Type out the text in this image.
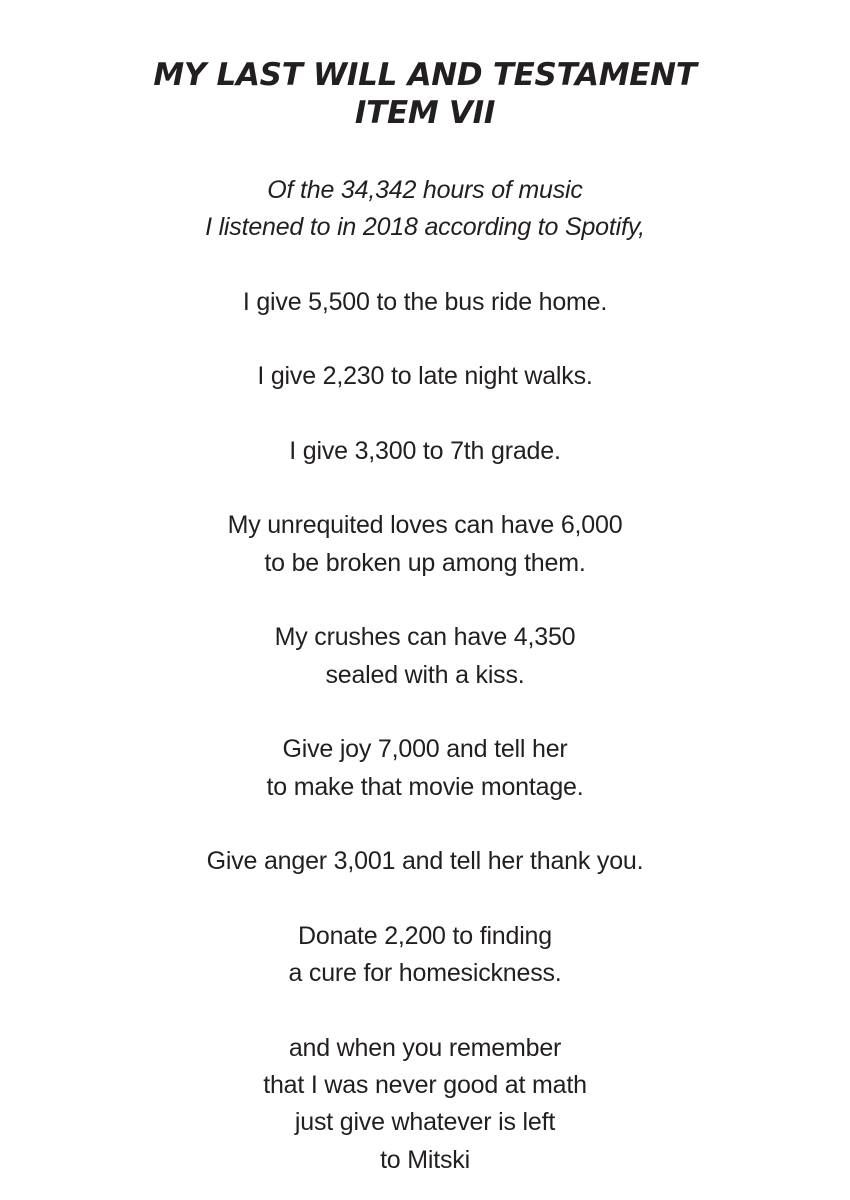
MY LAST WILL AND TESTAMENT
ITEM VII
Of the 34,342 hours of music
I listened to in 2018 according to Spotify,
I give 5,500 to the bus ride home.
I give 2,230 to late night walks.
I give 3,300 to 7th grade.
My unrequited loves can have 6,000
to be broken up among them.
My crushes can have 4,350
sealed with a kiss.
Give joy 7,000 and tell her
to make that movie montage.
Give anger 3,001 and tell her thank you.
Donate 2,200 to finding
a cure for homesickness.
and when you remember
that I was never good at math
just give whatever is left
to Mitski
